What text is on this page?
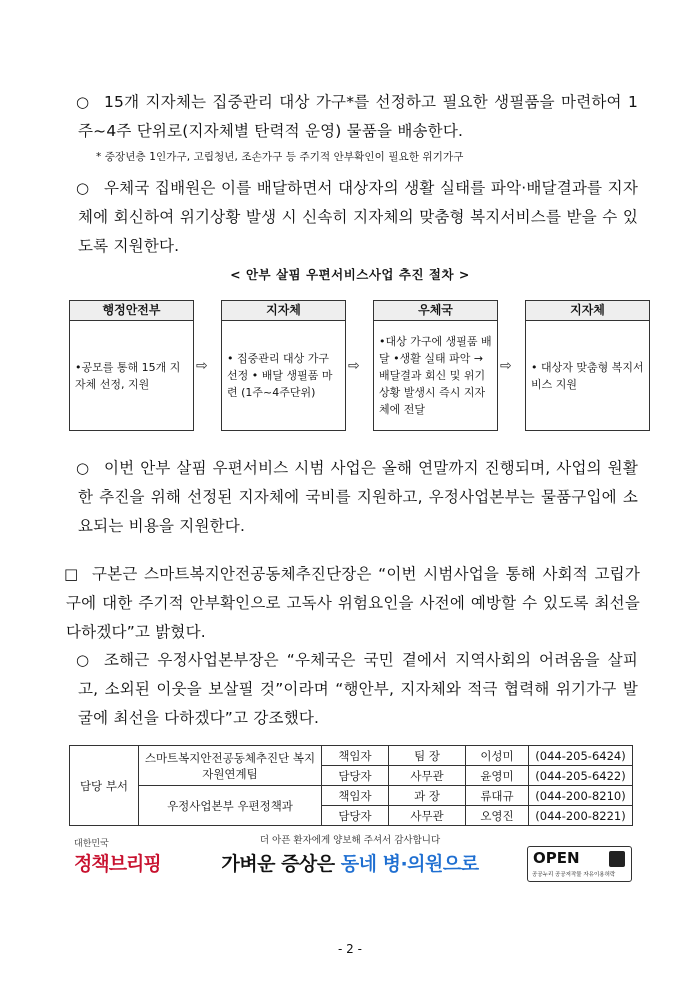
○ 15개 지자체는 집중관리 대상 가구*를 선정하고 필요한 생필품을 마련하여 1주~4주 단위로(지자체별 탄력적 운영) 물품을 배송한다.
* 중장년층 1인가구, 고립청년, 조손가구 등 주기적 안부확인이 필요한 위기가구
○ 우체국 집배원은 이를 배달하면서 대상자의 생활 실태를 파악·배달결과를 지자체에 회신하여 위기상황 발생 시 신속히 지자체의 맞춤형 복지서비스를 받을 수 있도록 지원한다.
< 안부 살핌 우편서비스사업 추진 절차 >
행정안전부
•공모를 통해 15개 지자체 선정, 지원
⇨
지자체
• 집중관리 대상 가구 선정 • 배달 생필품 마련 (1주~4주단위)
⇨
우체국
•대상 가구에 생필품 배달 •생활 실태 파악 → 배달결과 회신 및 위기 상황 발생시 즉시 지자체에 전달
⇨
지자체
• 대상자 맞춤형 복지서비스 지원
○ 이번 안부 살핌 우편서비스 시범 사업은 올해 연말까지 진행되며, 사업의 원활한 추진을 위해 선정된 지자체에 국비를 지원하고, 우정사업본부는 물품구입에 소요되는 비용을 지원한다.
□ 구본근 스마트복지안전공동체추진단장은 “이번 시범사업을 통해 사회적 고립가구에 대한 주기적 안부확인으로 고독사 위험요인을 사전에 예방할 수 있도록 최선을 다하겠다”고 밝혔다.
○ 조해근 우정사업본부장은 “우체국은 국민 곁에서 지역사회의 어려움을 살피고, 소외된 이웃을 보살필 것”이라며 “행안부, 지자체와 적극 협력해 위기가구 발굴에 최선을 다하겠다”고 강조했다.
담당 부서	스마트복지안전공동체추진단 복지자원연계팀	책임자	팀 장	이성미	(044-205-6424)
		담당자	사무관	윤영미	(044-205-6422)
	우정사업본부 우편정책과	책임자	과 장	류대규	(044-200-8210)
		담당자	사무관	오영진	(044-200-8221)
대한민국
정책브리핑
더 아픈 환자에게 양보해 주셔서 감사합니다
가벼운 증상은 동네 병·의원으로	OPEN
공공누리 공공저작물 자유이용허락
- 2 -
